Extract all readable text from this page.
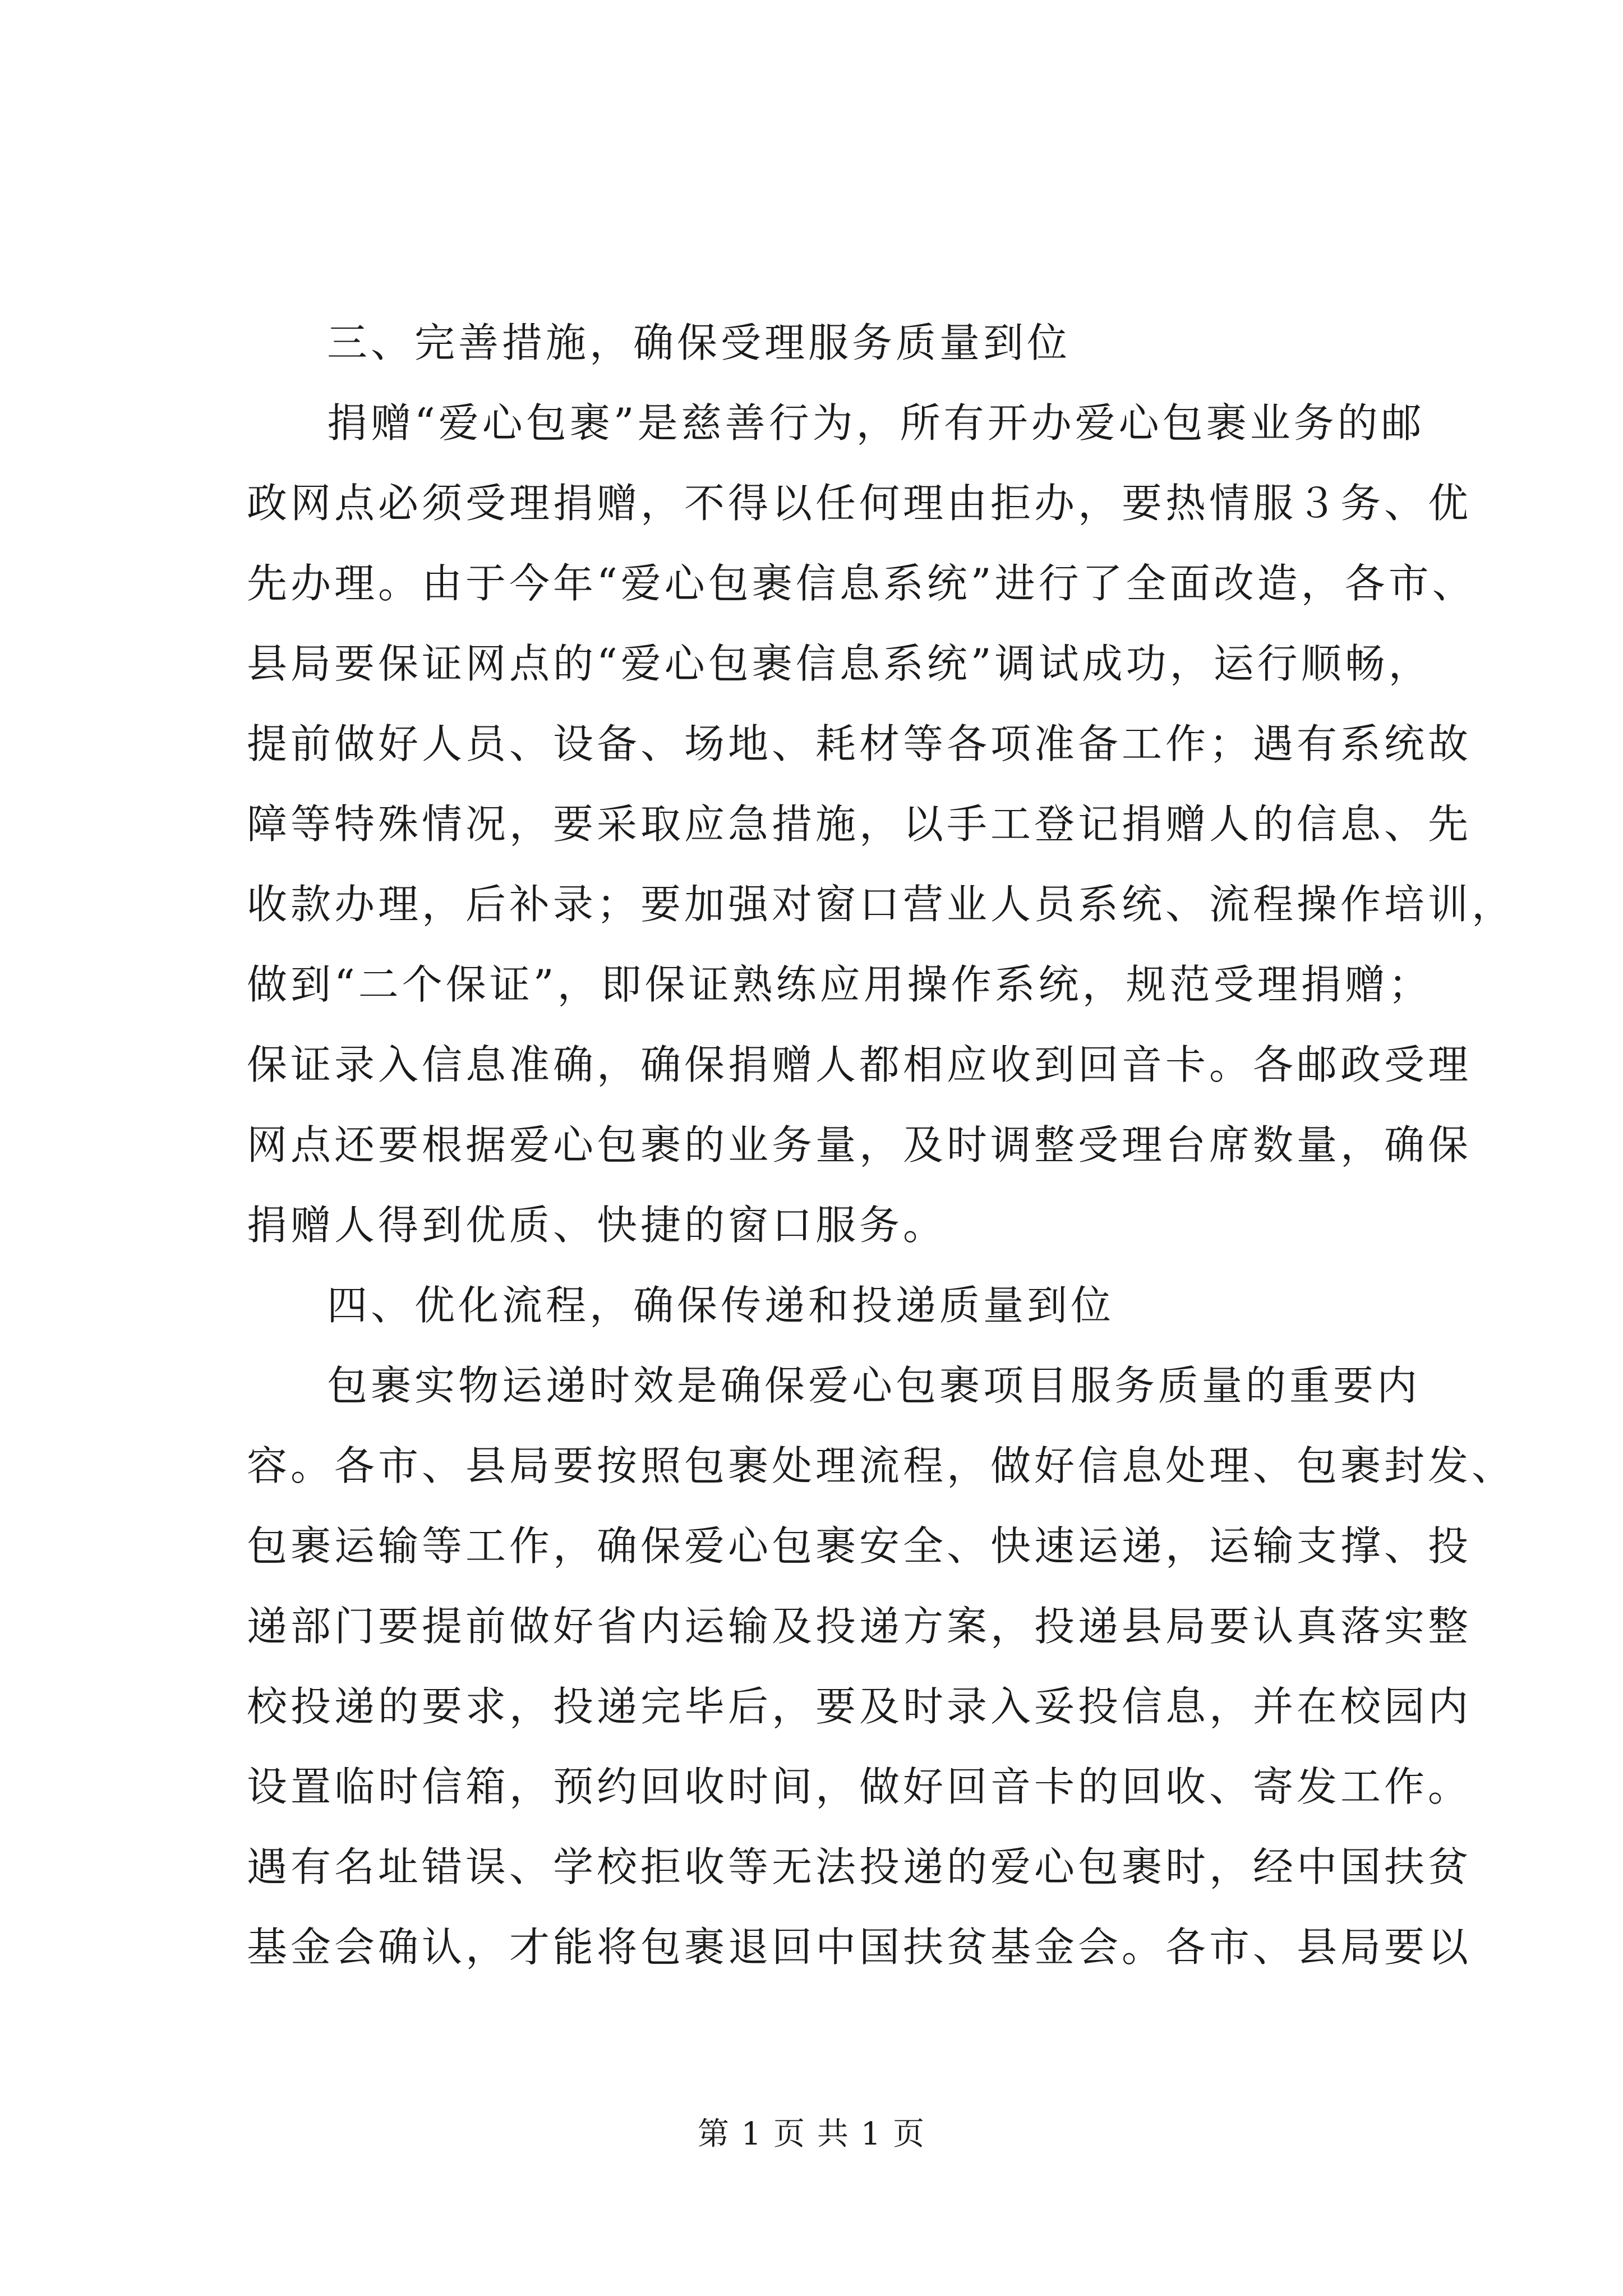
三、完善措施，确保受理服务质量到位
捐赠“爱心包裹”是慈善行为，所有开办爱心包裹业务的邮
政网点必须受理捐赠，不得以任何理由拒办，要热情服３务、优
先办理。由于今年“爱心包裹信息系统”进行了全面改造，各市、
县局要保证网点的“爱心包裹信息系统”调试成功，运行顺畅，
提前做好人员、设备、场地、耗材等各项准备工作；遇有系统故
障等特殊情况，要采取应急措施，以手工登记捐赠人的信息、先
收款办理，后补录；要加强对窗口营业人员系统、流程操作培训，
做到“二个保证”，即保证熟练应用操作系统，规范受理捐赠；
保证录入信息准确，确保捐赠人都相应收到回音卡。各邮政受理
网点还要根据爱心包裹的业务量，及时调整受理台席数量，确保
捐赠人得到优质、快捷的窗口服务。
四、优化流程，确保传递和投递质量到位
包裹实物运递时效是确保爱心包裹项目服务质量的重要内
容。各市、县局要按照包裹处理流程，做好信息处理、包裹封发、
包裹运输等工作，确保爱心包裹安全、快速运递，运输支撑、投
递部门要提前做好省内运输及投递方案，投递县局要认真落实整
校投递的要求，投递完毕后，要及时录入妥投信息，并在校园内
设置临时信箱，预约回收时间，做好回音卡的回收、寄发工作。
遇有名址错误、学校拒收等无法投递的爱心包裹时，经中国扶贫
基金会确认，才能将包裹退回中国扶贫基金会。各市、县局要以
第 1 页 共 1 页
